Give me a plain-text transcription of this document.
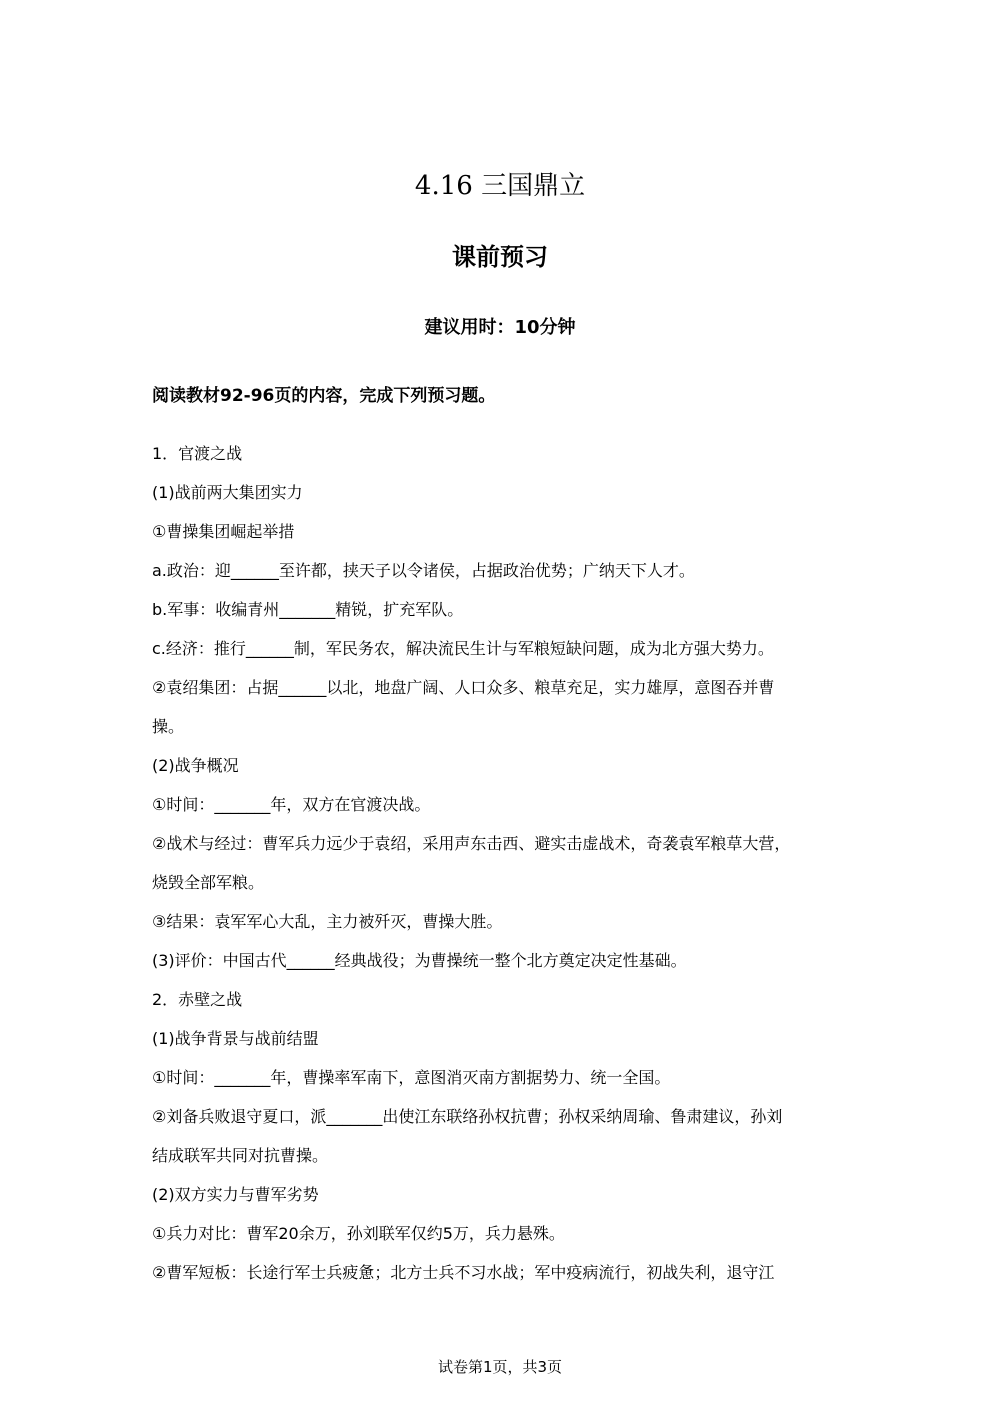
4.16 三国鼎立
课前预习
建议用时：10分钟
阅读教材92-96页的内容，完成下列预习题。
1．官渡之战
(1)战前两大集团实力
①曹操集团崛起举措
a.政治：迎______至许都，挟天子以令诸侯，占据政治优势；广纳天下人才。
b.军事：收编青州_______精锐，扩充军队。
c.经济：推行______制，军民务农，解决流民生计与军粮短缺问题，成为北方强大势力。
②袁绍集团：占据______以北，地盘广阔、人口众多、粮草充足，实力雄厚，意图吞并曹
操。
(2)战争概况
①时间：_______年，双方在官渡决战。
②战术与经过：曹军兵力远少于袁绍，采用声东击西、避实击虚战术，奇袭袁军粮草大营，
烧毁全部军粮。
③结果：袁军军心大乱，主力被歼灭，曹操大胜。
(3)评价：中国古代______经典战役；为曹操统一整个北方奠定决定性基础。
2．赤壁之战
(1)战争背景与战前结盟
①时间：_______年，曹操率军南下，意图消灭南方割据势力、统一全国。
②刘备兵败退守夏口，派_______出使江东联络孙权抗曹；孙权采纳周瑜、鲁肃建议，孙刘
结成联军共同对抗曹操。
(2)双方实力与曹军劣势
①兵力对比：曹军20余万，孙刘联军仅约5万，兵力悬殊。
②曹军短板：长途行军士兵疲惫；北方士兵不习水战；军中疫病流行，初战失利，退守江
试卷第1页，共3页
